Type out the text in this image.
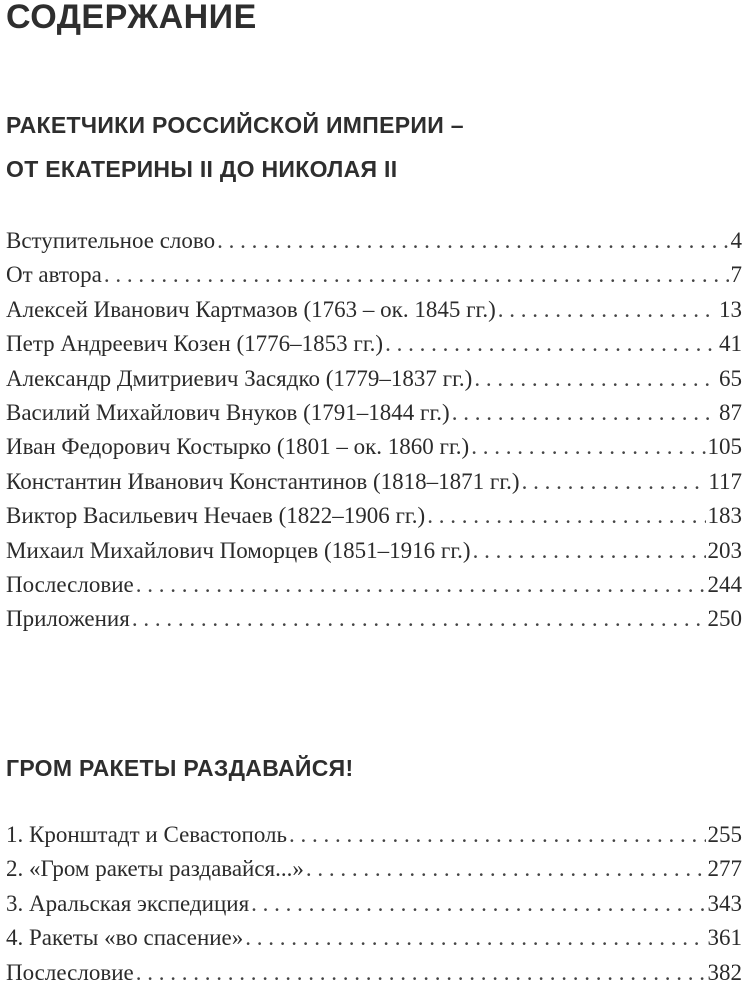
СОДЕРЖАНИЕ
РАКЕТЧИКИ РОССИЙСКОЙ ИМПЕРИИ –
ОТ ЕКАТЕРИНЫ II ДО НИКОЛАЯ II
Вступительное слово . . .	4
От автора . . .	7
Алексей Иванович Картмазов (1763 – ок. 1845 гг.) . . .	13
Петр Андреевич Козен (1776–1853 гг.) . . .	41
Александр Дмитриевич Засядко (1779–1837 гг.) . . .	65
Василий Михайлович Внуков (1791–1844 гг.) . . .	87
Иван Федорович Костырко (1801 – ок. 1860 гг.) . . .	105
Константин Иванович Константинов (1818–1871 гг.) . . .	117
Виктор Васильевич Нечаев (1822–1906 гг.) . . .	183
Михаил Михайлович Поморцев (1851–1916 гг.) . . .	203
Послесловие . . .	244
Приложения . . .	250
ГРОМ РАКЕТЫ РАЗДАВАЙСЯ!
1. Кронштадт и Севастополь . . .	255
2. «Гром ракеты раздавайся...» . . .	277
3. Аральская экспедиция . . .	343
4. Ракеты «во спасение» . . .	361
Послесловие . . .	382
